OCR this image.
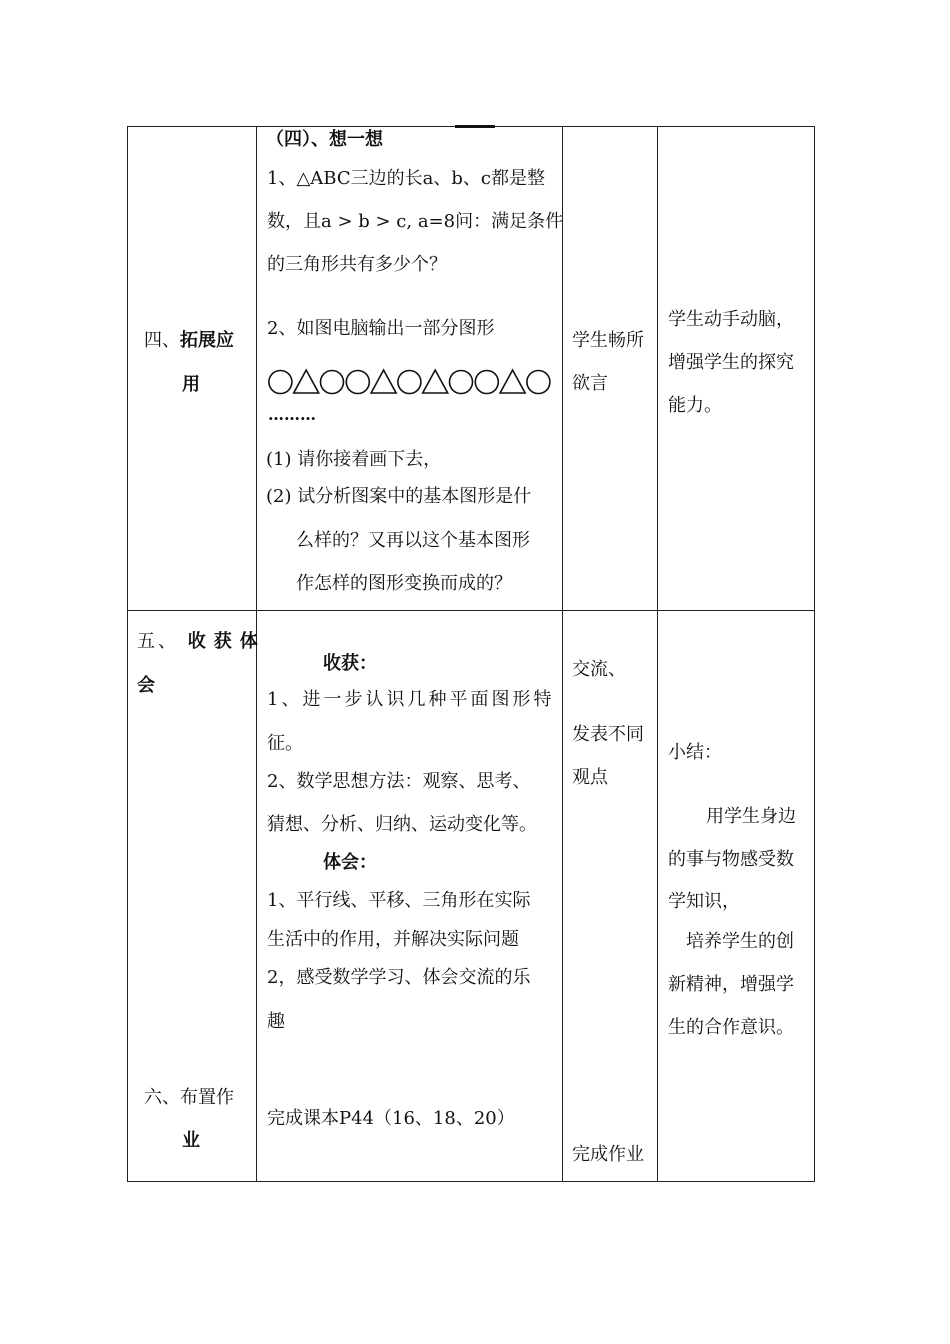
四、拓展应
用
（四）、想一想
1、△ABC三边的长a、b、c都是整
数，且a > b > c, a=8问：满足条件
的三角形共有多少个？
2、如图电脑输出一部分图形
………
(1) 请你接着画下去，
(2) 试分析图案中的基本图形是什
么样的？又再以这个基本图形
作怎样的图形变换而成的？
学生畅所
欲言
学生动手动脑，
增强学生的探究
能力。
五、 收获体
会
收获：
1、进一步认识几种平面图形特
征。
2、数学思想方法：观察、思考、
猜想、分析、归纳、运动变化等。
体会：
1、平行线、平移、三角形在实际
生活中的作用，并解决实际问题
2，感受数学学习、体会交流的乐
趣
交流、
发表不同
观点
小结：
用学生身边
的事与物感受数
学知识，
培养学生的创
新精神，增强学
生的合作意识。
六、布置作
业
完成课本P44（16、18、20）
完成作业
